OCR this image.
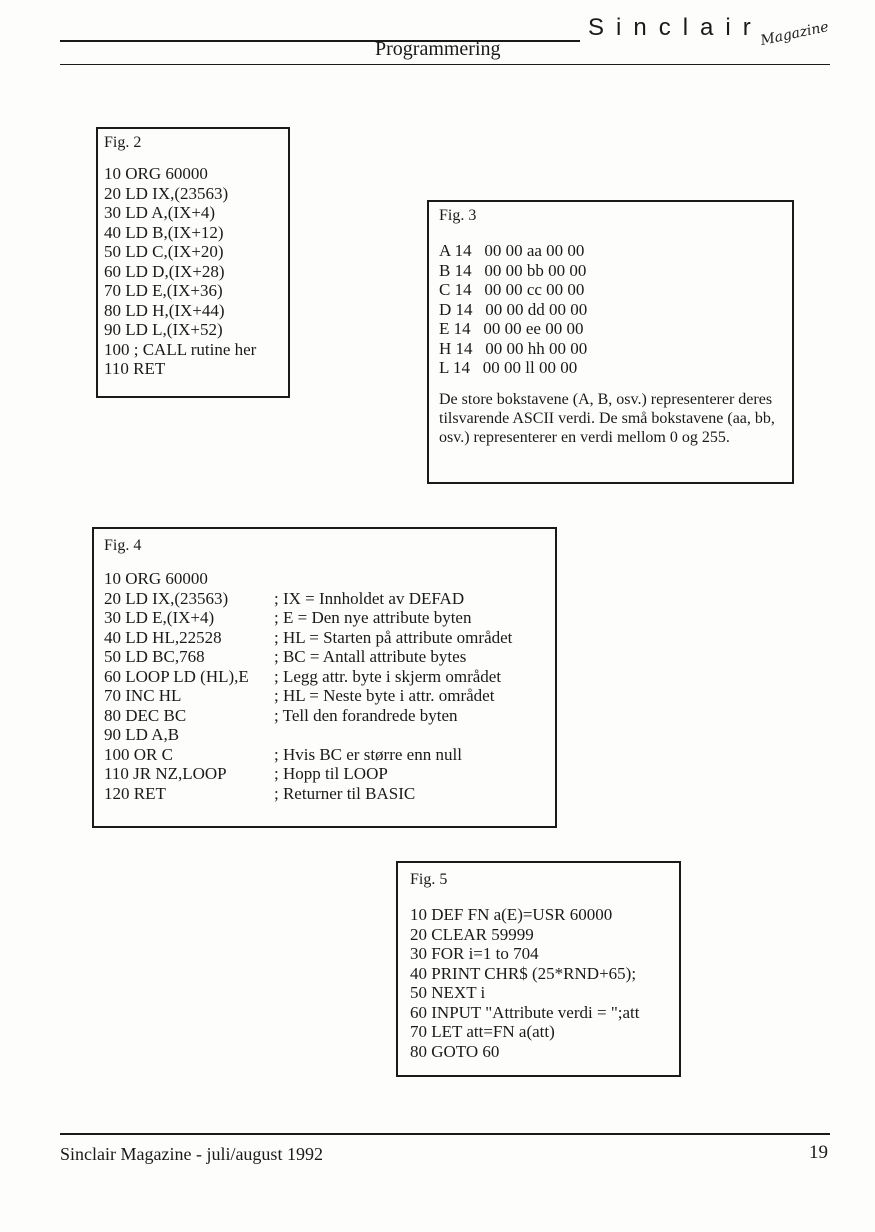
Programmering
Sinclair
Magazine
Fig. 2
10 ORG 60000
20 LD IX,(23563)
30 LD A,(IX+4)
40 LD B,(IX+12)
50 LD C,(IX+20)
60 LD D,(IX+28)
70 LD E,(IX+36)
80 LD H,(IX+44)
90 LD L,(IX+52)
100 ; CALL rutine her
110 RET
Fig. 3
A 14   00 00 aa 00 00
B 14   00 00 bb 00 00
C 14   00 00 cc 00 00
D 14   00 00 dd 00 00
E 14   00 00 ee 00 00
H 14   00 00 hh 00 00
L 14   00 00 ll 00 00
De store bokstavene (A, B, osv.) representerer deres tilsvarende ASCII verdi. De små bokstavene (aa, bb, osv.) representerer en verdi mellom 0 og 255.
Fig. 4
10 ORG 60000
20 LD IX,(23563)	; IX = Innholdet av DEFAD
30 LD E,(IX+4)	; E = Den nye attribute byten
40 LD HL,22528	; HL = Starten på attribute området
50 LD BC,768	; BC = Antall attribute bytes
60 LOOP LD (HL),E	; Legg attr. byte i skjerm området
70 INC HL	; HL = Neste byte i attr. området
80 DEC BC	; Tell den forandrede byten
90 LD A,B
100 OR C	; Hvis BC er større enn null
110 JR NZ,LOOP	; Hopp til LOOP
120 RET	; Returner til BASIC
Fig. 5
10 DEF FN a(E)=USR 60000
20 CLEAR 59999
30 FOR i=1 to 704
40 PRINT CHR$ (25*RND+65);
50 NEXT i
60 INPUT "Attribute verdi = ";att
70 LET att=FN a(att)
80 GOTO 60
Sinclair Magazine - juli/august 1992	19
